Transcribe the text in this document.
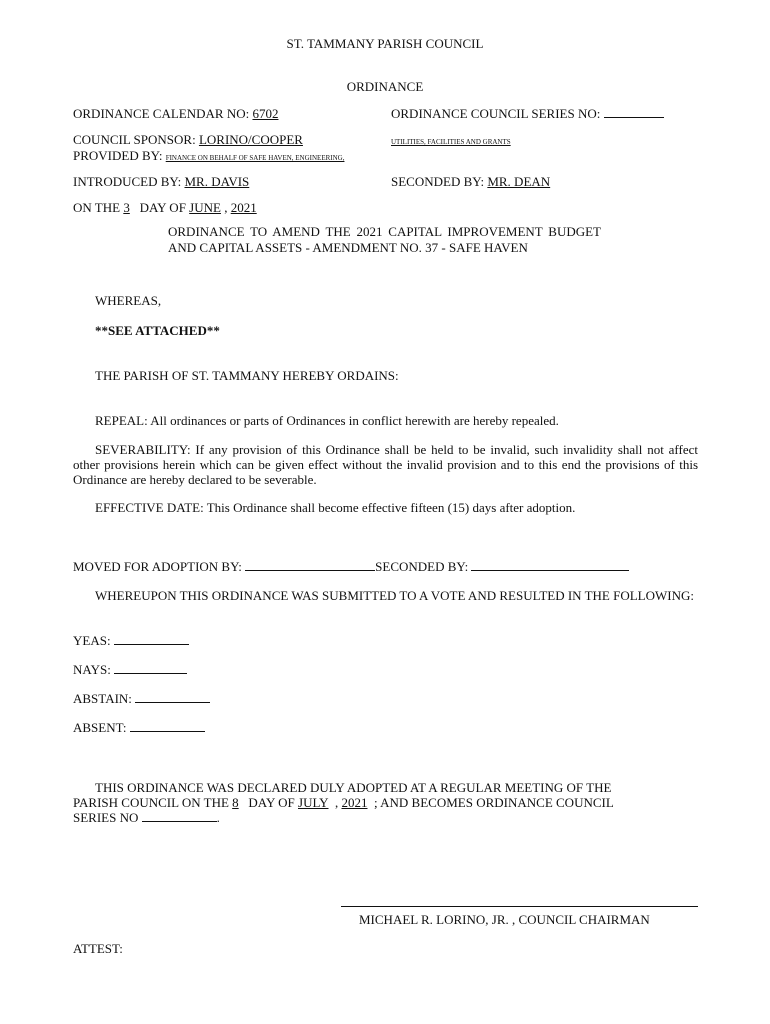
ST. TAMMANY PARISH COUNCIL
ORDINANCE
ORDINANCE CALENDAR NO: 6702	ORDINANCE COUNCIL SERIES NO:
COUNCIL SPONSOR: LORINO/COOPER	UTILITIES, FACILITIES AND GRANTS
PROVIDED BY: FINANCE ON BEHALF OF SAFE HAVEN, ENGINEERING,
INTRODUCED BY: MR. DAVIS	SECONDED BY: MR. DEAN
ON THE 3 DAY OF JUNE , 2021
ORDINANCE TO AMEND THE 2021 CAPITAL IMPROVEMENT BUDGET AND CAPITAL ASSETS - AMENDMENT NO. 37 - SAFE HAVEN
WHEREAS,
**SEE ATTACHED**
THE PARISH OF ST. TAMMANY HEREBY ORDAINS:
REPEAL: All ordinances or parts of Ordinances in conflict herewith are hereby repealed.
SEVERABILITY: If any provision of this Ordinance shall be held to be invalid, such invalidity shall not affect other provisions herein which can be given effect without the invalid provision and to this end the provisions of this Ordinance are hereby declared to be severable.
EFFECTIVE DATE: This Ordinance shall become effective fifteen (15) days after adoption.
MOVED FOR ADOPTION BY:	SECONDED BY:
WHEREUPON THIS ORDINANCE WAS SUBMITTED TO A VOTE AND RESULTED IN THE FOLLOWING:
YEAS:
NAYS:
ABSTAIN:
ABSENT:
THIS ORDINANCE WAS DECLARED DULY ADOPTED AT A REGULAR MEETING OF THE
PARISH COUNCIL ON THE 8 DAY OF JULY , 2021 ; AND BECOMES ORDINANCE COUNCIL
SERIES NO	.
MICHAEL R. LORINO, JR. , COUNCIL CHAIRMAN
ATTEST:
